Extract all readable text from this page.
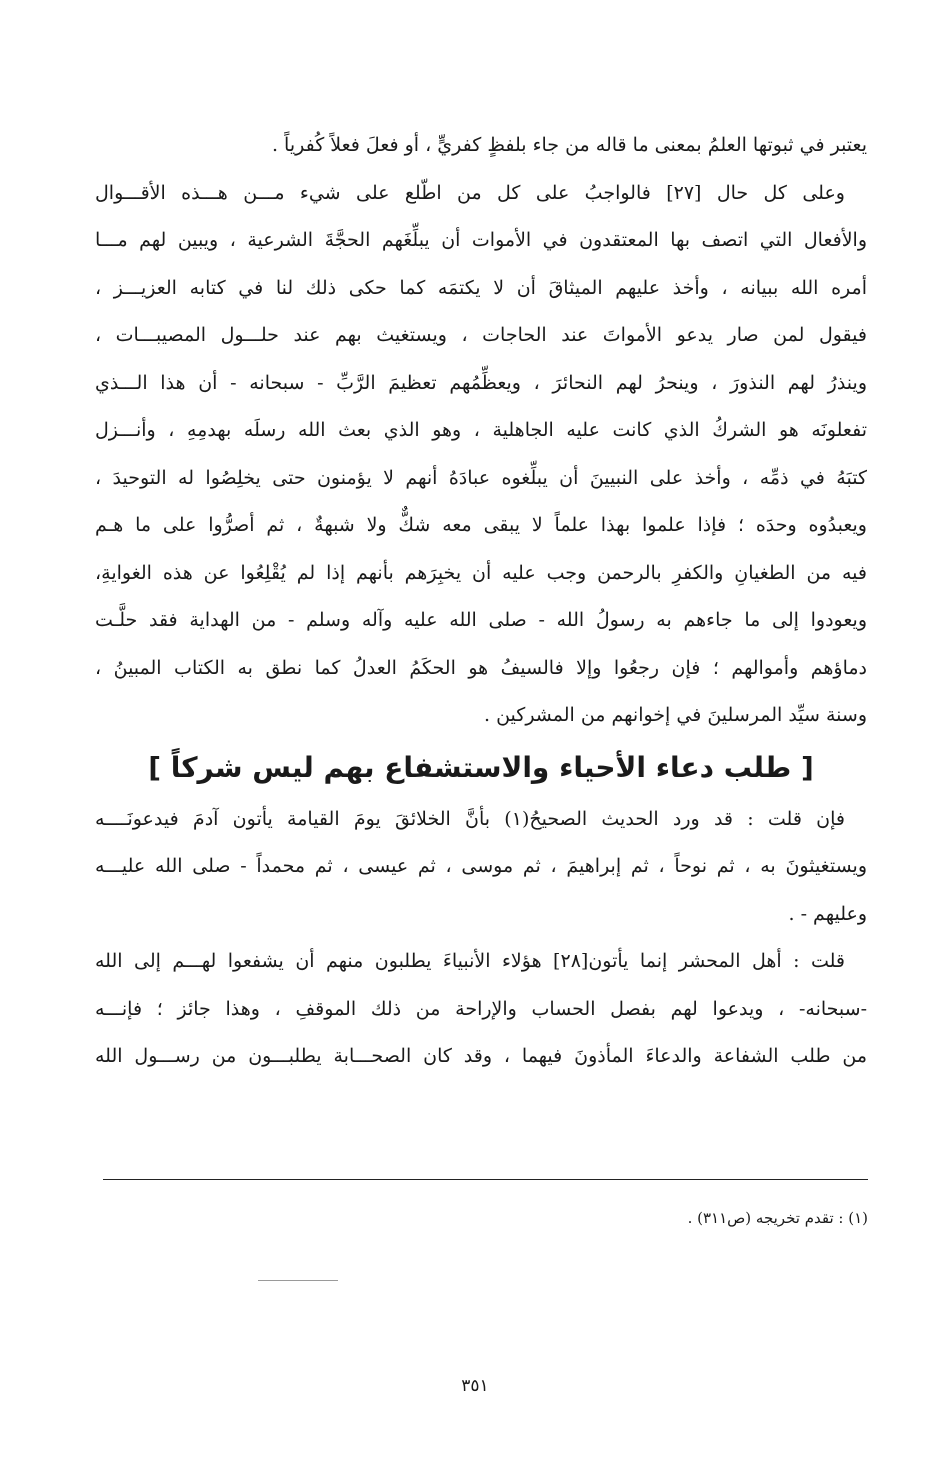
يعتبر في ثبوتها العلمُ بمعنى ما قاله من جاء بلفظٍ كفريٍّ ، أو فعلَ فعلاً كُفرياً .
وعلى كل حال [٢٧] فالواجبُ على كل من اطّلع على شيء مـــن هـــذه الأقـــوال
والأفعال التي اتصف بها المعتقدون في الأموات أن يبلِّغَهم الحجَّةَ الشرعية ، ويبين لهم مـــا
أمره الله ببيانه ، وأخذ عليهم الميثاقَ أن لا يكتمَه كما حكى ذلك لنا في كتابه العزيـــز ،
فيقول لمن صار يدعو الأمواتَ عند الحاجات ، ويستغيث بهم عند حلـــول المصيبـــات ،
وينذرُ لهم النذورَ ، وينحرُ لهم النحائرَ ، ويعظِّمُهم تعظيمَ الرَّبِّ - سبحانه - أن هذا الـــذي
تفعلونَه هو الشركُ الذي كانت عليه الجاهلية ، وهو الذي بعث الله رسلَه بهدمِهِ ، وأنـــزل
كتبَهُ في ذمِّه ، وأخذ على النبيينَ أن يبلِّغوه عبادَهُ أنهم لا يؤمنون حتى يخلِصُوا له التوحيدَ ،
ويعبدُوه وحدَه ؛ فإذا علموا بهذا علماً لا يبقى معه شكٌّ ولا شبهةٌ ، ثم أصرُّوا على ما هـم
فيه من الطغيانِ والكفرِ بالرحمن وجب عليه أن يخبِرَهم بأنهم إذا لم يُقْلِعُوا عن هذه الغوايةِ،
ويعودوا إلى ما جاءهم به رسولُ الله - صلى الله عليه وآله وسلم - من الهداية فقد حلَّـت
دماؤهم وأموالهم ؛ فإن رجعُوا وإلا فالسيفُ هو الحكَمُ العدلُ كما نطق به الكتاب المبينُ ،
وسنة سيِّد المرسلينَ في إخوانهم من المشركين .
[ طلب دعاء الأحياء والاستشفاع بهم ليس شركاً ]
فإن قلت : قد ورد الحديث الصحيحُ(١) بأنَّ الخلائقَ يومَ القيامة يأتون آدمَ فيدعونَــــه
ويستغيثونَ به ، ثم نوحاً ، ثم إبراهيمَ ، ثم موسى ، ثم عيسى ، ثم محمداً - صلى الله عليـــه
وعليهم - .
قلت : أهل المحشر إنما يأتون[٢٨] هؤلاء الأنبياءَ يطلبون منهم أن يشفعوا لهـــم إلى الله
-سبحانه- ، ويدعوا لهم بفصل الحساب والإراحة من ذلك الموقفِ ، وهذا جائز ؛ فإنـــه
من طلب الشفاعة والدعاءَ المأذونَ فيهما ، وقد كان الصحـــابة يطلبـــون من رســـول الله
(١) : تقدم تخريجه (ص٣١١) .
٣٥١
